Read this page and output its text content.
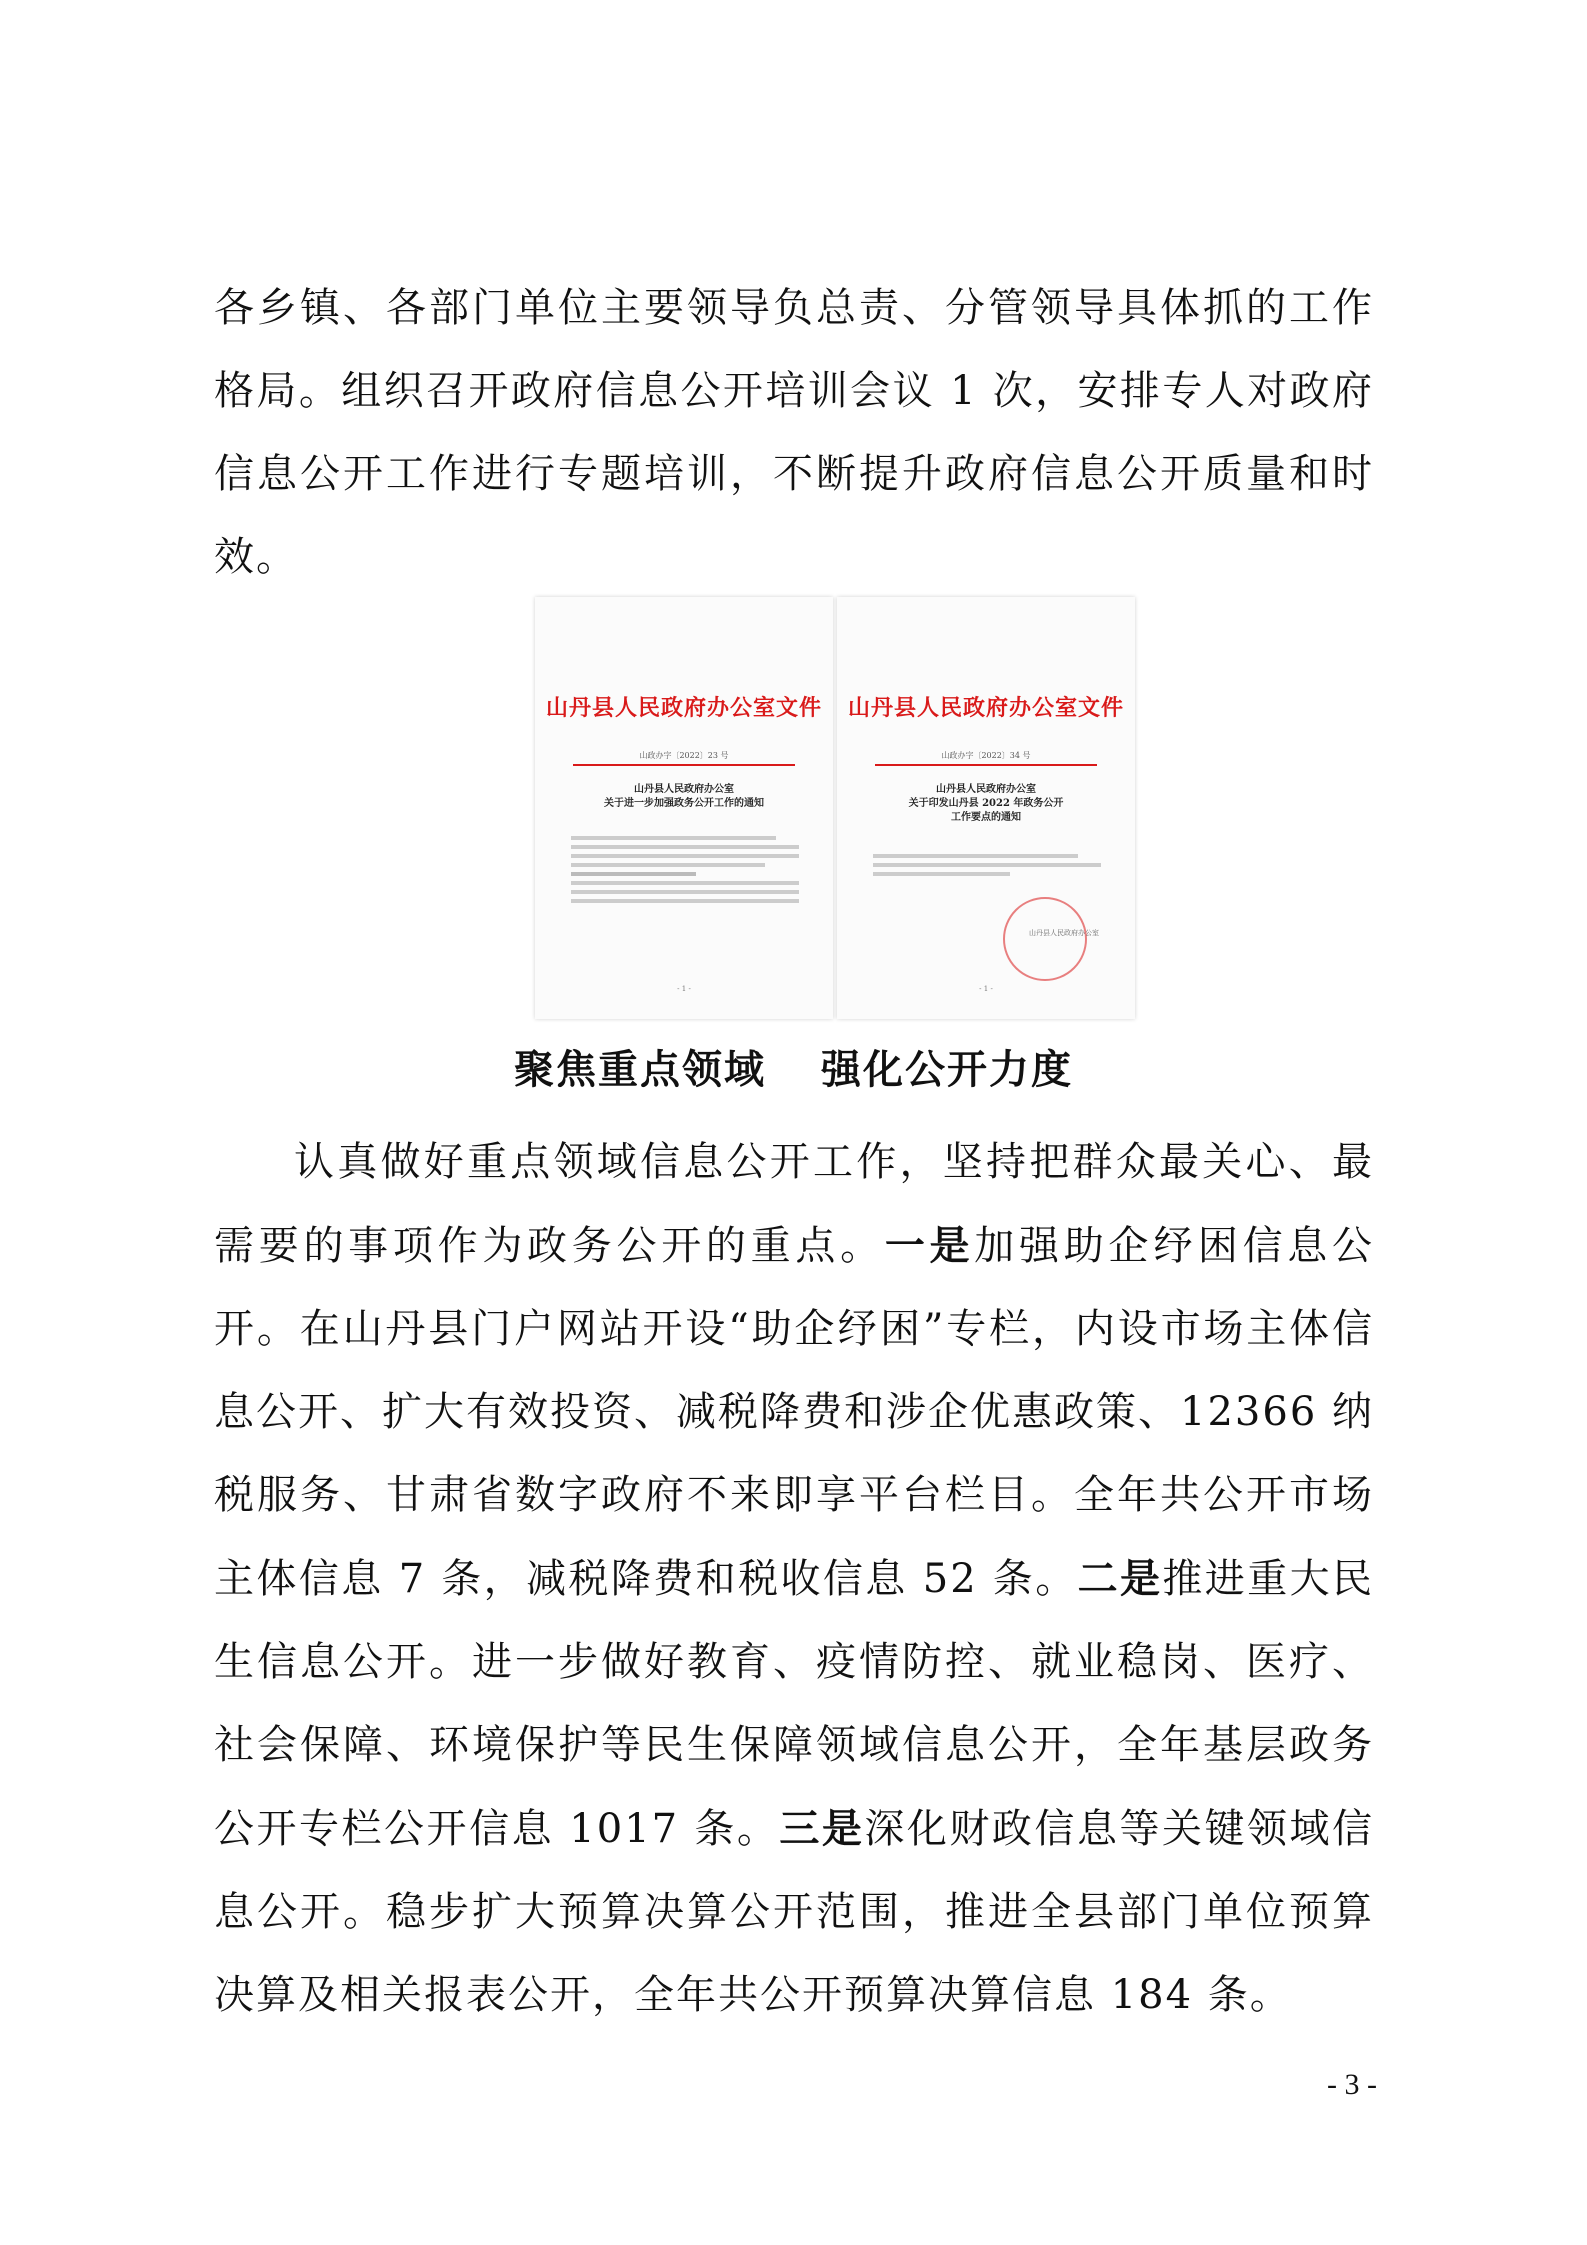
各乡镇、各部门单位主要领导负总责、分管领导具体抓的工作格局。组织召开政府信息公开培训会议 1 次，安排专人对政府信息公开工作进行专题培训，不断提升政府信息公开质量和时效。

山丹县人民政府办公室文件
山政办字〔2022〕23 号
山丹县人民政府办公室
关于进一步加强政务公开工作的通知
- 1 -
山丹县人民政府办公室文件
山政办字〔2022〕34 号
山丹县人民政府办公室
关于印发山丹县 2022 年政务公开
工作要点的通知
山丹县人民政府办公室
- 1 -
聚焦重点领域 强化公开力度

认真做好重点领域信息公开工作，坚持把群众最关心、最需要的事项作为政务公开的重点。一是加强助企纾困信息公开。在山丹县门户网站开设“助企纾困”专栏，内设市场主体信息公开、扩大有效投资、减税降费和涉企优惠政策、12366 纳税服务、甘肃省数字政府不来即享平台栏目。全年共公开市场主体信息 7 条，减税降费和税收信息 52 条。二是推进重大民生信息公开。进一步做好教育、疫情防控、就业稳岗、医疗、社会保障、环境保护等民生保障领域信息公开，全年基层政务公开专栏公开信息 1017 条。三是深化财政信息等关键领域信息公开。稳步扩大预算决算公开范围，推进全县部门单位预算决算及相关报表公开，全年共公开预算决算信息 184 条。

- 3 -
